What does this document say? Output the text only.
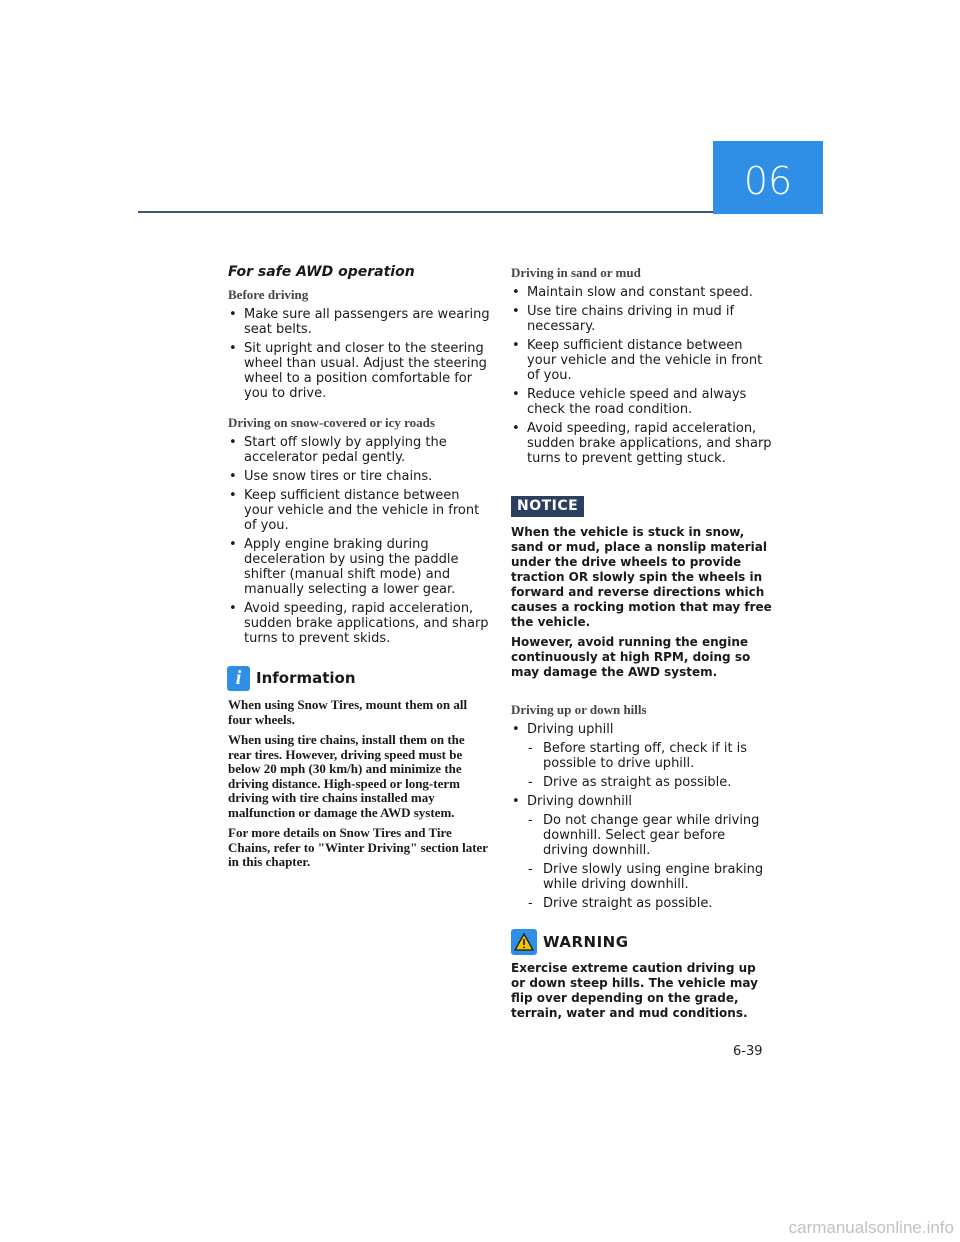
06
For safe AWD operation
Before driving
• Make sure all passengers are wearing seat belts.
• Sit upright and closer to the steering wheel than usual. Adjust the steering wheel to a position comfortable for you to drive.
Driving on snow-covered or icy roads
• Start off slowly by applying the accelerator pedal gently.
• Use snow tires or tire chains.
• Keep sufficient distance between your vehicle and the vehicle in front of you.
• Apply engine braking during deceleration by using the paddle shifter (manual shift mode) and manually selecting a lower gear.
• Avoid speeding, rapid acceleration, sudden brake applications, and sharp turns to prevent skids.
i Information

When using Snow Tires, mount them on all four wheels.

When using tire chains, install them on the rear tires. However, driving speed must be below 20 mph (30 km/h) and minimize the driving distance. High-speed or long-term driving with tire chains installed may malfunction or damage the AWD system.

For more details on Snow Tires and Tire Chains, refer to "Winter Driving" section later in this chapter.

Driving in sand or mud
• Maintain slow and constant speed.
• Use tire chains driving in mud if necessary.
• Keep sufficient distance between your vehicle and the vehicle in front of you.
• Reduce vehicle speed and always check the road condition.
• Avoid speeding, rapid acceleration, sudden brake applications, and sharp turns to prevent getting stuck.
NOTICE

When the vehicle is stuck in snow, sand or mud, place a nonslip material under the drive wheels to provide traction OR slowly spin the wheels in forward and reverse directions which causes a rocking motion that may free the vehicle.

However, avoid running the engine continuously at high RPM, doing so may damage the AWD system.

Driving up or down hills
• Driving uphill
- Before starting off, check if it is possible to drive uphill.
- Drive as straight as possible.
• Driving downhill
- Do not change gear while driving downhill. Select gear before driving downhill.
- Drive slowly using engine braking while driving downhill.
- Drive straight as possible.
WARNING

Exercise extreme caution driving up or down steep hills. The vehicle may flip over depending on the grade, terrain, water and mud conditions.

6-39
carmanualsonline.info
